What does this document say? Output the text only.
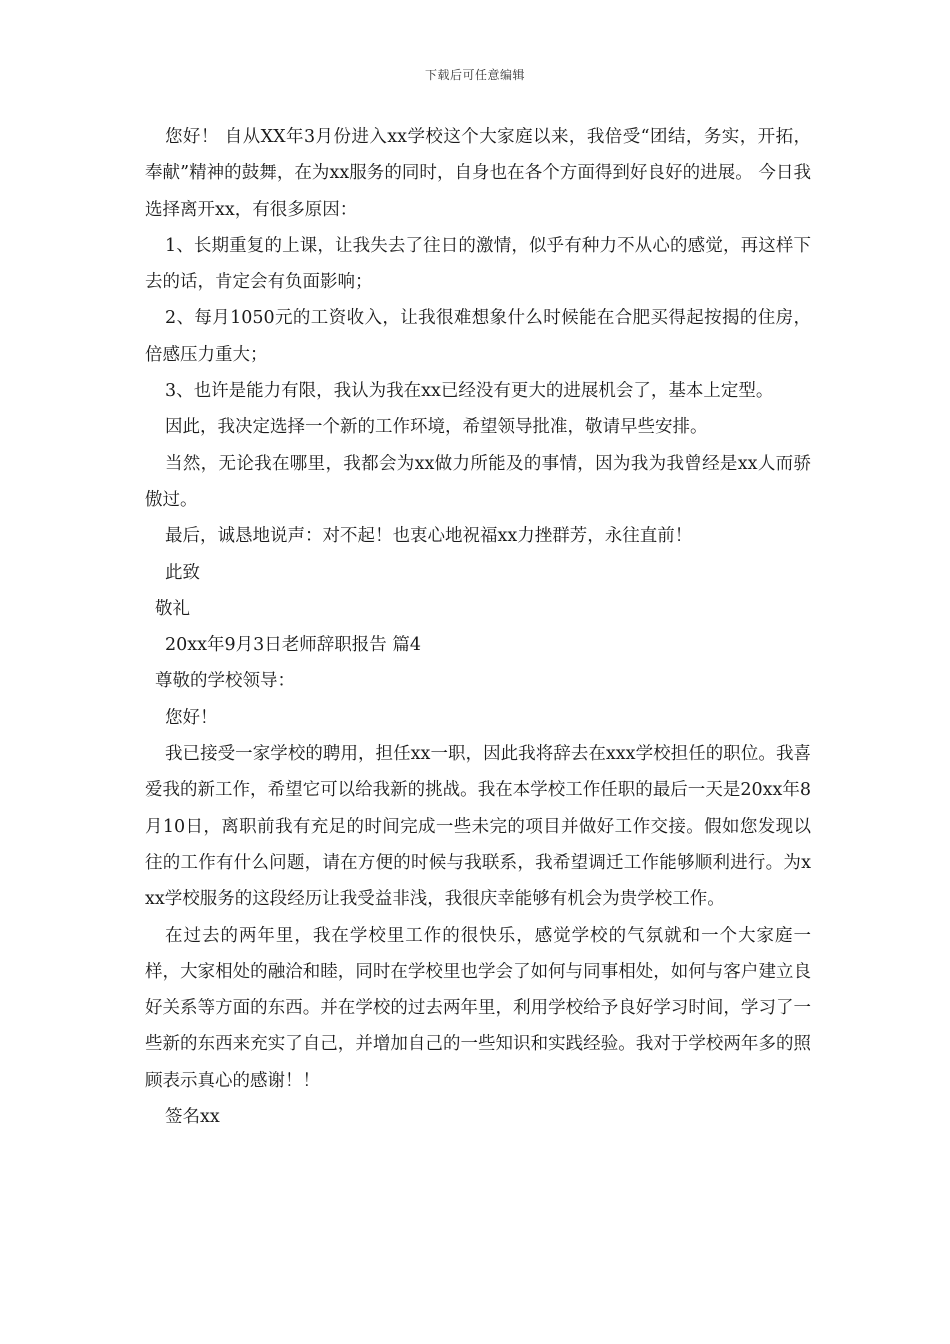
下载后可任意编辑

您好！ 自从XX年3月份进入xx学校这个大家庭以来，我倍受“团结，务实，开拓，奉献”精神的鼓舞，在为xx服务的同时，自身也在各个方面得到好良好的进展。 今日我选择离开xx，有很多原因：

1、长期重复的上课，让我失去了往日的激情，似乎有种力不从心的感觉，再这样下去的话，肯定会有负面影响；

2、每月1050元的工资收入，让我很难想象什么时候能在合肥买得起按揭的住房，倍感压力重大；

3、也许是能力有限，我认为我在xx已经没有更大的进展机会了，基本上定型。

因此，我决定选择一个新的工作环境，希望领导批准，敬请早些安排。

当然，无论我在哪里，我都会为xx做力所能及的事情，因为我为我曾经是xx人而骄傲过。

最后，诚恳地说声：对不起！也衷心地祝福xx力挫群芳，永往直前！

此致

敬礼

20xx年9月3日老师辞职报告 篇4

尊敬的学校领导：

您好！

我已接受一家学校的聘用，担任xx一职，因此我将辞去在xxx学校担任的职位。我喜爱我的新工作，希望它可以给我新的挑战。我在本学校工作任职的最后一天是20xx年8月10日，离职前我有充足的时间完成一些未完的项目并做好工作交接。假如您发现以往的工作有什么问题，请在方便的时候与我联系，我希望调迁工作能够顺利进行。为xxx学校服务的这段经历让我受益非浅，我很庆幸能够有机会为贵学校工作。

在过去的两年里，我在学校里工作的很快乐，感觉学校的气氛就和一个大家庭一样，大家相处的融洽和睦，同时在学校里也学会了如何与同事相处，如何与客户建立良好关系等方面的东西。并在学校的过去两年里，利用学校给予良好学习时间，学习了一些新的东西来充实了自己，并增加自己的一些知识和实践经验。我对于学校两年多的照顾表示真心的感谢！！

签名xx
